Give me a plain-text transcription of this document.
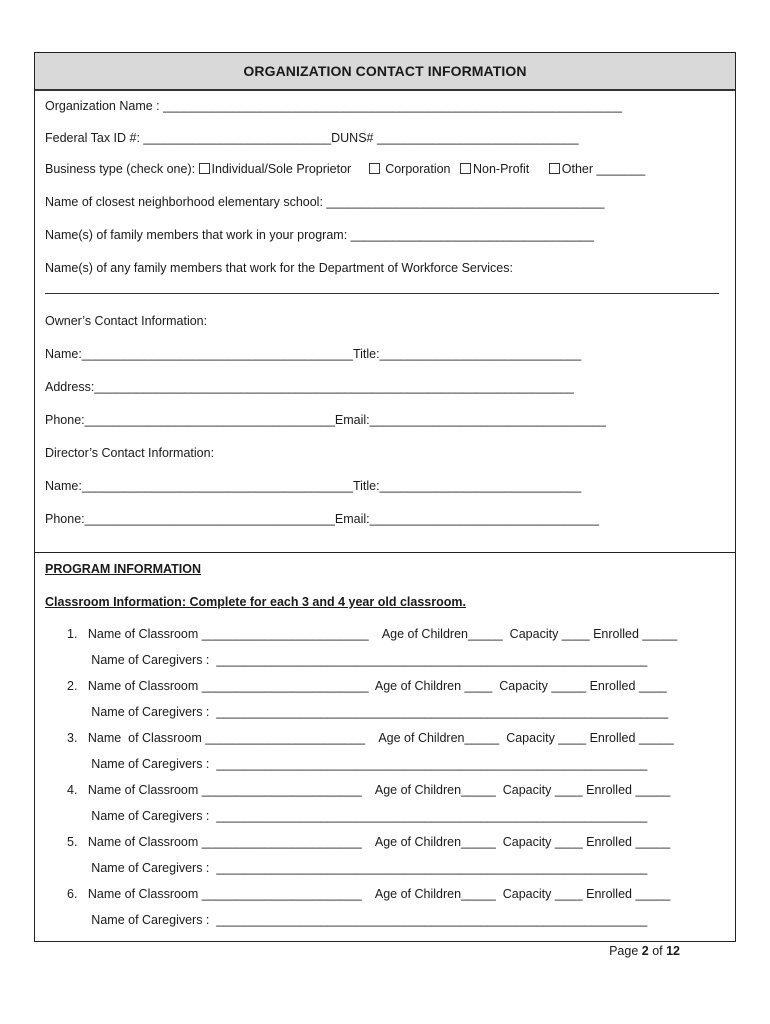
ORGANIZATION CONTACT INFORMATION
Organization Name : __________________________________________________________________
Federal Tax ID #: ___________________________DUNS# _____________________________
Business type (check one): Individual/Sole Proprietor	Corporation Non-Profit	Other _______
Name of closest neighborhood elementary school: ________________________________________
Name(s) of family members that work in your program: ___________________________________
Name(s) of any family members that work for the Department of Workforce Services:
Owner’s Contact Information:
Name:_______________________________________Title:_____________________________
Address:_____________________________________________________________________
Phone:____________________________________Email:__________________________________
Director’s Contact Information:
Name:_______________________________________Title:_____________________________
Phone:____________________________________Email:_________________________________
PROGRAM INFORMATION
Classroom Information: Complete for each 3 and 4 year old classroom.
1.   Name of Classroom ________________________    Age of Children_____  Capacity ____ Enrolled _____
Name of Caregivers :  ______________________________________________________________
2.   Name of Classroom ________________________  Age of Children ____  Capacity _____ Enrolled ____
Name of Caregivers :  _________________________________________________________________
3.   Name  of Classroom _______________________    Age of Children_____  Capacity ____ Enrolled _____
Name of Caregivers :  ______________________________________________________________
4.   Name of Classroom _______________________    Age of Children_____  Capacity ____ Enrolled _____
Name of Caregivers :  ______________________________________________________________
5.   Name of Classroom _______________________    Age of Children_____  Capacity ____ Enrolled _____
Name of Caregivers :  ______________________________________________________________
6.   Name of Classroom _______________________    Age of Children_____  Capacity ____ Enrolled _____
Name of Caregivers :  ______________________________________________________________
Page 2 of 12
